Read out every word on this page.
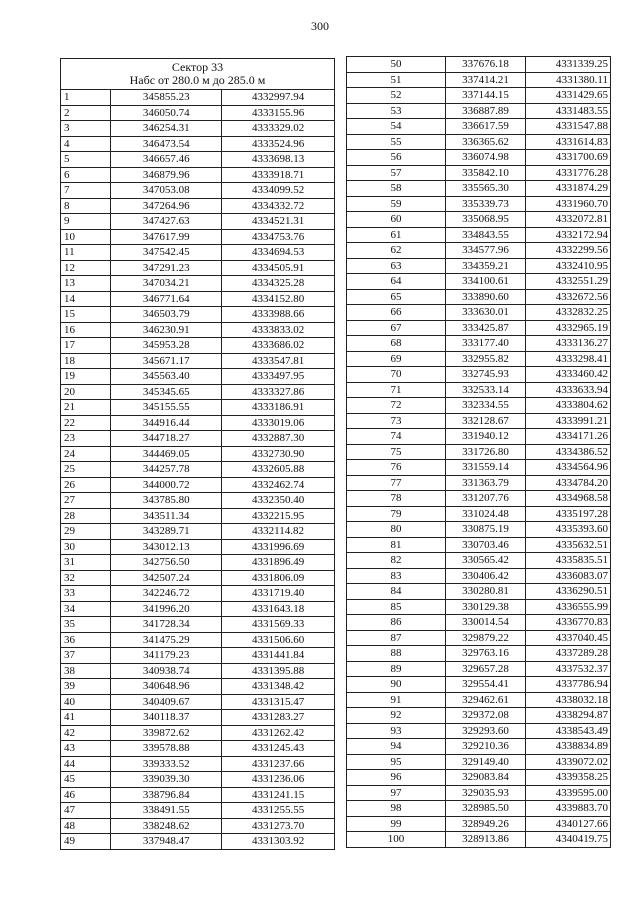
300
Сектор 33
Набс от 280.0 м до 285.0 м		

1	345855.23	4332997.94
2	346050.74	4333155.96
3	346254.31	4333329.02
4	346473.54	4333524.96
5	346657.46	4333698.13
6	346879.96	4333918.71
7	347053.08	4334099.52
8	347264.96	4334332.72
9	347427.63	4334521.31
10	347617.99	4334753.76
11	347542.45	4334694.53
12	347291.23	4334505.91
13	347034.21	4334325.28
14	346771.64	4334152.80
15	346503.79	4333988.66
16	346230.91	4333833.02
17	345953.28	4333686.02
18	345671.17	4333547.81
19	345563.40	4333497.95
20	345345.65	4333327.86
21	345155.55	4333186.91
22	344916.44	4333019.06
23	344718.27	4332887.30
24	344469.05	4332730.90
25	344257.78	4332605.88
26	344000.72	4332462.74
27	343785.80	4332350.40
28	343511.34	4332215.95
29	343289.71	4332114.82
30	343012.13	4331996.69
31	342756.50	4331896.49
32	342507.24	4331806.09
33	342246.72	4331719.40
34	341996.20	4331643.18
35	341728.34	4331569.33
36	341475.29	4331506.60
37	341179.23	4331441.84
38	340938.74	4331395.88
39	340648.96	4331348.42
40	340409.67	4331315.47
41	340118.37	4331283.27
42	339872.62	4331262.42
43	339578.88	4331245.43
44	339333.52	4331237.66
45	339039.30	4331236.06
46	338796.84	4331241.15
47	338491.55	4331255.55
48	338248.62	4331273.70
49	337948.47	4331303.92
50	337676.18	4331339.25
51	337414.21	4331380.11
52	337144.15	4331429.65
53	336887.89	4331483.55
54	336617.59	4331547.88
55	336365.62	4331614.83
56	336074.98	4331700.69
57	335842.10	4331776.28
58	335565.30	4331874.29
59	335339.73	4331960.70
60	335068.95	4332072.81
61	334843.55	4332172.94
62	334577.96	4332299.56
63	334359.21	4332410.95
64	334100.61	4332551.29
65	333890.60	4332672.56
66	333630.01	4332832.25
67	333425.87	4332965.19
68	333177.40	4333136.27
69	332955.82	4333298.41
70	332745.93	4333460.42
71	332533.14	4333633.94
72	332334.55	4333804.62
73	332128.67	4333991.21
74	331940.12	4334171.26
75	331726.80	4334386.52
76	331559.14	4334564.96
77	331363.79	4334784.20
78	331207.76	4334968.58
79	331024.48	4335197.28
80	330875.19	4335393.60
81	330703.46	4335632.51
82	330565.42	4335835.51
83	330406.42	4336083.07
84	330280.81	4336290.51
85	330129.38	4336555.99
86	330014.54	4336770.83
87	329879.22	4337040.45
88	329763.16	4337289.28
89	329657.28	4337532.37
90	329554.41	4337786.94
91	329462.61	4338032.18
92	329372.08	4338294.87
93	329293.60	4338543.49
94	329210.36	4338834.89
95	329149.40	4339072.02
96	329083.84	4339358.25
97	329035.93	4339595.00
98	328985.50	4339883.70
99	328949.26	4340127.66
100	328913.86	4340419.75
